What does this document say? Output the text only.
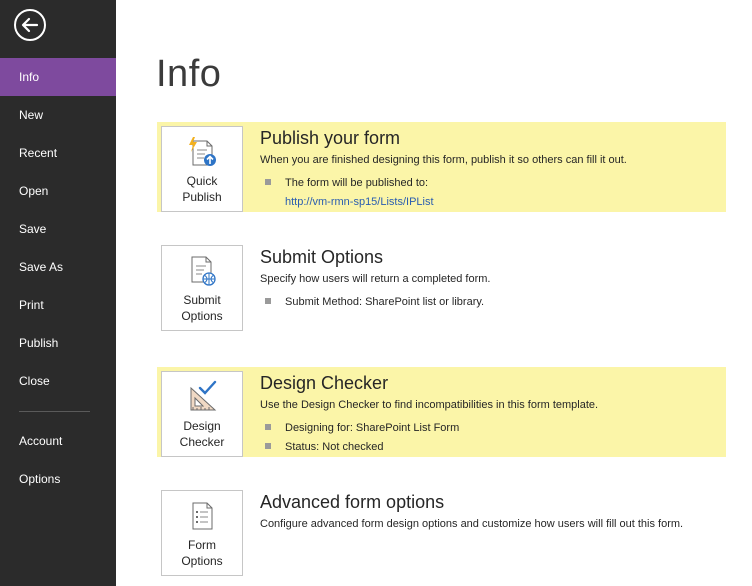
Info
New
Recent
Open
Save
Save As
Print
Publish
Close
Account
Options
Info
Quick
Publish
Publish your form
When you are finished designing this form, publish it so others can fill it out.
The form will be published to:
http://vm-rmn-sp15/Lists/IPList
Submit
Options
Submit Options
Specify how users will return a completed form.
Submit Method: SharePoint list or library.
Design
Checker
Design Checker
Use the Design Checker to find incompatibilities in this form template.
Designing for: SharePoint List Form
Status: Not checked
Form
Options
Advanced form options
Configure advanced form design options and customize how users will fill out this form.
